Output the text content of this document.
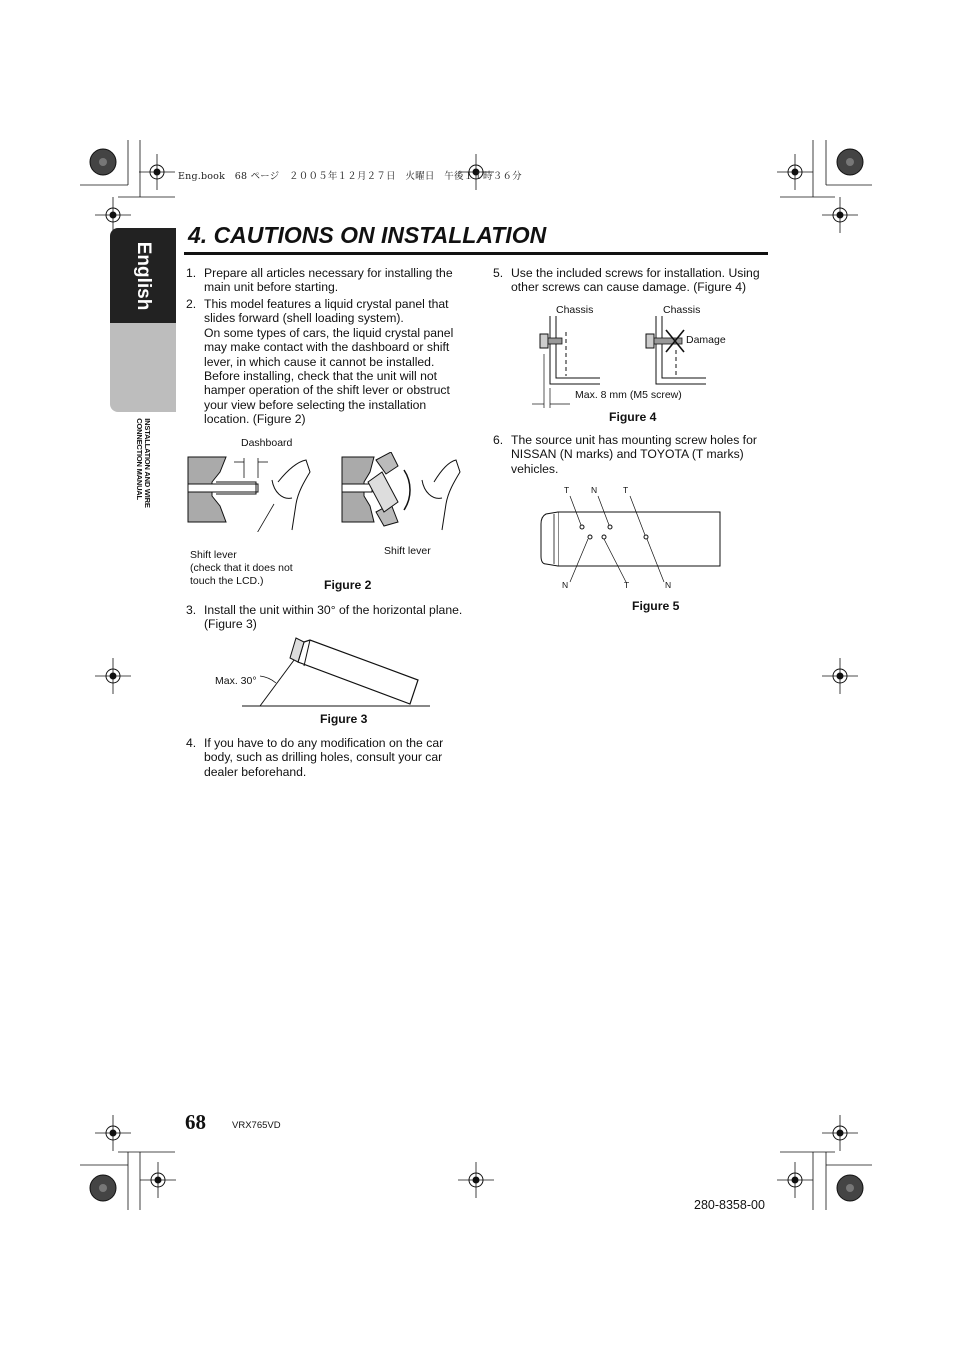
Eng.book　68 ページ　２００５年１２月２７日　火曜日　午後１１時３６分
English
INSTALLATION AND WIRE
CONNECTION MANUAL
4. CAUTIONS ON INSTALLATION
1. Prepare all articles necessary for installing the main unit before starting.
2. This model features a liquid crystal panel that slides forward (shell loading system).
On some types of cars, the liquid crystal panel may make contact with the dashboard or shift lever, in which cause it cannot be installed. Before installing, check that the unit will not hamper operation of the shift lever or obstruct your view before selecting the installation location. (Figure 2)
Dashboard
Shift lever
(check that it does not
touch the LCD.)
Shift lever
Figure 2
3. Install the unit within 30° of the horizontal plane. (Figure 3)
Max. 30°
Figure 3
4. If you have to do any modification on the car body, such as drilling holes, consult your car dealer beforehand.
5. Use the included screws for installation. Using other screws can cause damage. (Figure 4)
Chassis	Chassis
Damage
Max. 8 mm (M5 screw)
Figure 4
6. The source unit has mounting screw holes for NISSAN (N marks) and TOYOTA (T marks) vehicles.
T	N	T
N	T	N
Figure 5
68	VRX765VD
280-8358-00
